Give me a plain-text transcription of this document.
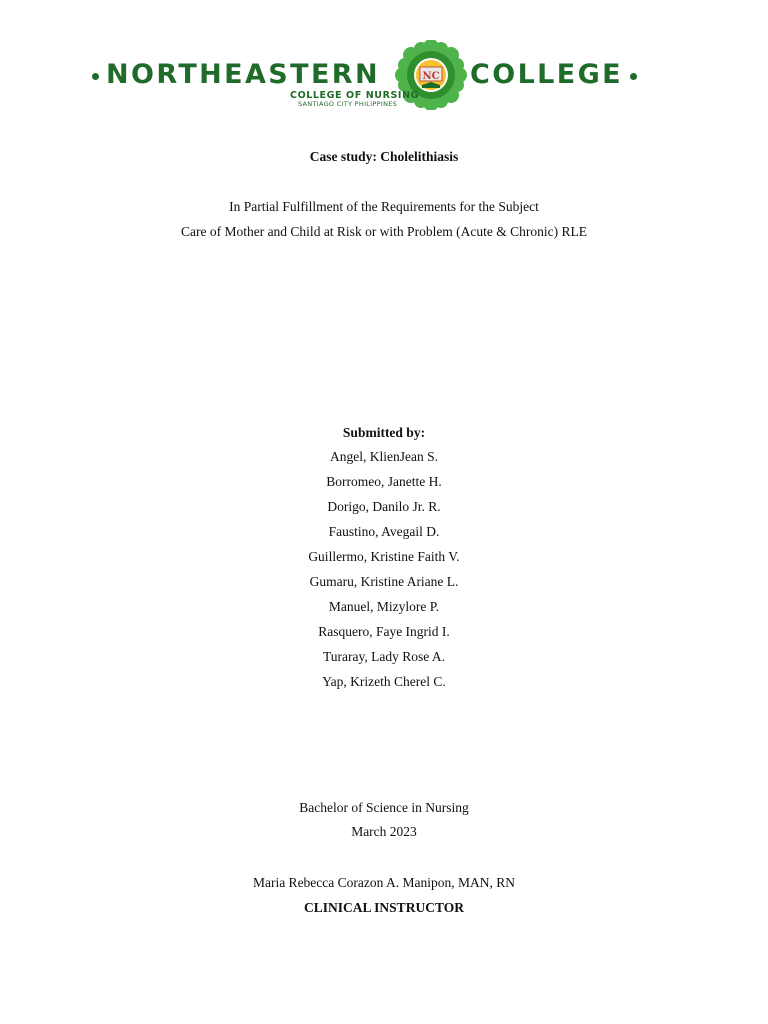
NORTHEASTERN	NC COLLEGE
COLLEGE OF NURSING
SANTIAGO CITY PHILIPPINES
Case study: Cholelithiasis
In Partial Fulfillment of the Requirements for the Subject
Care of Mother and Child at Risk or with Problem (Acute & Chronic) RLE
Submitted by:
Angel, KlienJean S.
Borromeo, Janette H.
Dorigo, Danilo Jr. R.
Faustino, Avegail D.
Guillermo, Kristine Faith V.
Gumaru, Kristine Ariane L.
Manuel, Mizylore P.
Rasquero, Faye Ingrid I.
Turaray, Lady Rose A.
Yap, Krizeth Cherel C.
Bachelor of Science in Nursing
March 2023
Maria Rebecca Corazon A. Manipon, MAN, RN
CLINICAL INSTRUCTOR
